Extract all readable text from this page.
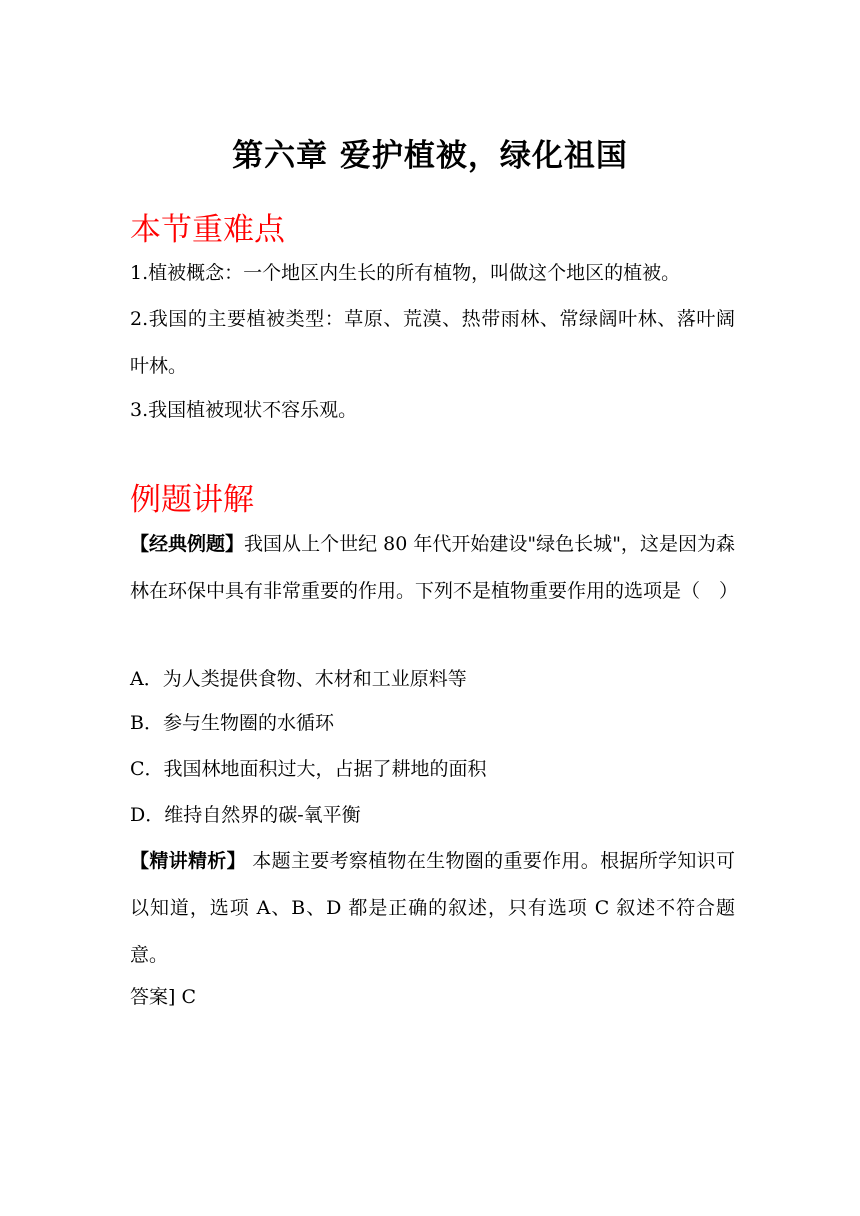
第六章 爱护植被，绿化祖国
本节重难点
1.植被概念：一个地区内生长的所有植物，叫做这个地区的植被。
2.我国的主要植被类型：草原、荒漠、热带雨林、常绿阔叶林、落叶阔叶林。
3.我国植被现状不容乐观。
例题讲解
【经典例题】我国从上个世纪 80 年代开始建设"绿色长城"，这是因为森林在环保中具有非常重要的作用。下列不是植物重要作用的选项是（　）
A．为人类提供食物、木材和工业原料等
B．参与生物圈的水循环
C．我国林地面积过大，占据了耕地的面积
D．维持自然界的碳-氧平衡
【精讲精析】 本题主要考察植物在生物圈的重要作用。根据所学知识可以知道，选项 A、B、D 都是正确的叙述，只有选项 C 叙述不符合题意。
答案] C
